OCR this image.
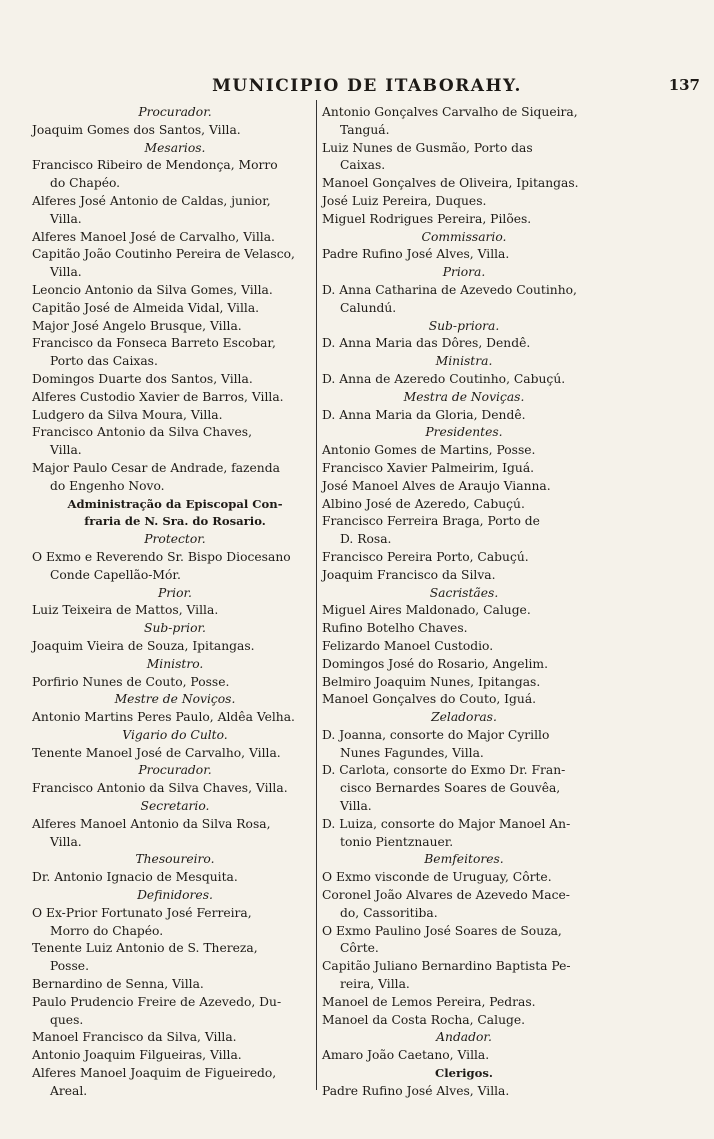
MUNICIPIO DE ITABORAHY.	137
Procurador.
Joaquim Gomes dos Santos, Villa.
Mesarios.
Francisco Ribeiro de Mendonça, Morro
do Chapéo.
Alferes José Antonio de Caldas, junior,
Villa.
Alferes Manoel José de Carvalho, Villa.
Capitão João Coutinho Pereira de Velasco,
Villa.
Leoncio Antonio da Silva Gomes, Villa.
Capitão José de Almeida Vidal, Villa.
Major José Angelo Brusque, Villa.
Francisco da Fonseca Barreto Escobar,
Porto das Caixas.
Domingos Duarte dos Santos, Villa.
Alferes Custodio Xavier de Barros, Villa.
Ludgero da Silva Moura, Villa.
Francisco Antonio da Silva Chaves,
Villa.
Major Paulo Cesar de Andrade, fazenda
do Engenho Novo.
Administração da Episcopal Con-
fraria de N. Sra. do Rosario.
Protector.
O Exmo e Reverendo Sr. Bispo Diocesano
Conde Capellão-Mór.
Prior.
Luiz Teixeira de Mattos, Villa.
Sub-prior.
Joaquim Vieira de Souza, Ipitangas.
Ministro.
Porfirio Nunes de Couto, Posse.
Mestre de Noviços.
Antonio Martins Peres Paulo, Aldêa Velha.
Vigario do Culto.
Tenente Manoel José de Carvalho, Villa.
Procurador.
Francisco Antonio da Silva Chaves, Villa.
Secretario.
Alferes Manoel Antonio da Silva Rosa,
Villa.
Thesoureiro.
Dr. Antonio Ignacio de Mesquita.
Definidores.
O Ex-Prior Fortunato José Ferreira,
Morro do Chapéo.
Tenente Luiz Antonio de S. Thereza,
Posse.
Bernardino de Senna, Villa.
Paulo Prudencio Freire de Azevedo, Du-
ques.
Manoel Francisco da Silva, Villa.
Antonio Joaquim Filgueiras, Villa.
Alferes Manoel Joaquim de Figueiredo,
Areal.
Antonio Gonçalves Carvalho de Siqueira,
Tanguá.
Luiz Nunes de Gusmão, Porto das
Caixas.
Manoel Gonçalves de Oliveira, Ipitangas.
José Luiz Pereira, Duques.
Miguel Rodrigues Pereira, Pilões.
Commissario.
Padre Rufino José Alves, Villa.
Priora.
D. Anna Catharina de Azevedo Coutinho,
Calundú.
Sub-priora.
D. Anna Maria das Dôres, Dendê.
Ministra.
D. Anna de Azeredo Coutinho, Cabuçú.
Mestra de Noviças.
D. Anna Maria da Gloria, Dendê.
Presidentes.
Antonio Gomes de Martins, Posse.
Francisco Xavier Palmeirim, Iguá.
José Manoel Alves de Araujo Vianna.
Albino José de Azeredo, Cabuçú.
Francisco Ferreira Braga, Porto de
D. Rosa.
Francisco Pereira Porto, Cabuçú.
Joaquim Francisco da Silva.
Sacristães.
Miguel Aires Maldonado, Caluge.
Rufino Botelho Chaves.
Felizardo Manoel Custodio.
Domingos José do Rosario, Angelim.
Belmiro Joaquim Nunes, Ipitangas.
Manoel Gonçalves do Couto, Iguá.
Zeladoras.
D. Joanna, consorte do Major Cyrillo
Nunes Fagundes, Villa.
D. Carlota, consorte do Exmo Dr. Fran-
cisco Bernardes Soares de Gouvêa,
Villa.
D. Luiza, consorte do Major Manoel An-
tonio Pientznauer.
Bemfeitores.
O Exmo visconde de Uruguay, Côrte.
Coronel João Alvares de Azevedo Mace-
do, Cassoritiba.
O Exmo Paulino José Soares de Souza,
Côrte.
Capitão Juliano Bernardino Baptista Pe-
reira, Villa.
Manoel de Lemos Pereira, Pedras.
Manoel da Costa Rocha, Caluge.
Andador.
Amaro João Caetano, Villa.
Clerigos.
Padre Rufino José Alves, Villa.
